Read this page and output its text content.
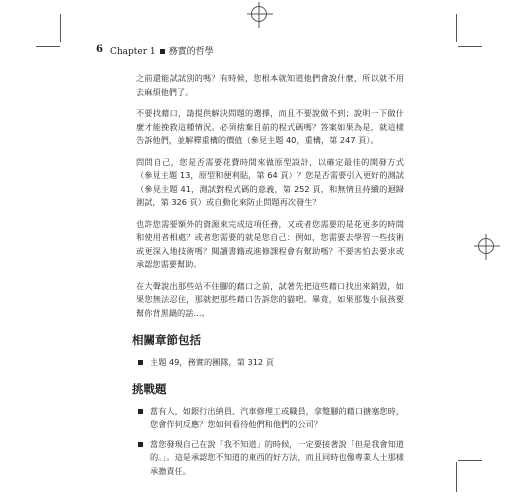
6 Chapter 1 務實的哲學

之前還能試試別的嗎？有時候，您根本就知道他們會說什麼，所以就不用去麻煩他們了。

不要找藉口，請提供解決問題的選擇，而且不要說做不到；說明一下做什麼才能挽救這種情況。必須捨棄目前的程式碼嗎？答案如果為是，就這樣告訴他們，並解釋重構的價值（參見主題 40，重構，第 247 頁）。

問問自己，您是否需要花費時間來做原型設計，以確定最佳的開發方式（參見主題 13，原型和便利貼，第 64 頁）？您是否需要引入更好的測試（參見主題 41，測試對程式碼的意義，第 252 頁，和無情且持續的迴歸測試，第 326 頁）或自動化來防止問題再次發生？

也許您需要額外的資源來完成這項任務，又或者您需要的是花更多的時間和使用者相處？或者您需要的就是您自己：例如，您需要去學習一些技術或更深入地技術嗎？閱讀書籍或進修課程會有幫助嗎？不要害怕去要求或承認您需要幫助。

在大聲說出那些站不住腳的藉口之前，試著先把這些藉口找出來銷毀，如果您無法忍住，那就把那些藉口告訴您的貓吧。畢竟，如果那隻小鼠孩要幫你背黑鍋的話…。

相關章節包括
主題 49，務實的團隊，第 312 頁
挑戰題
當有人，如銀行出納員、汽車修理工或職員，拿蹩腳的藉口搪塞您時，您會作何反應？您如何看待他們和他們的公司？
當您發現自己在說「我不知道」的時候，一定要接著說「但是我會知道的。」。這是承認您不知道的東西的好方法，而且同時也像專業人士那樣承擔責任。
